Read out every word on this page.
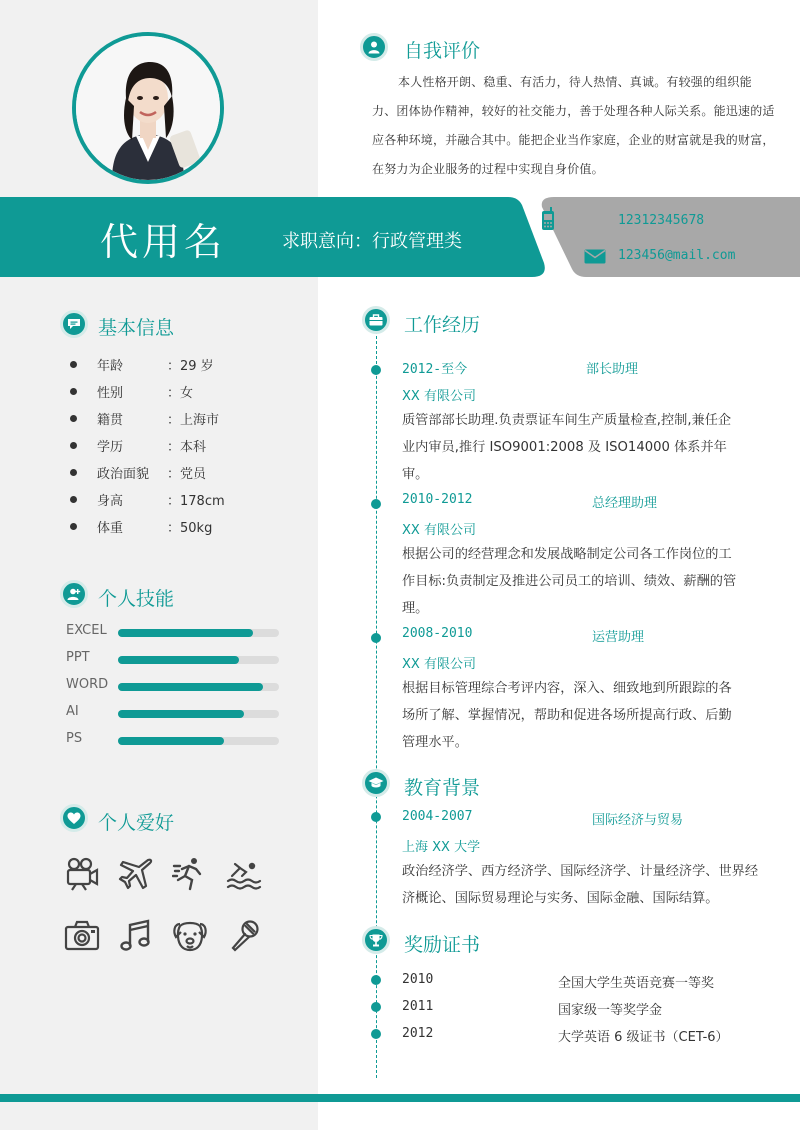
自我评价
本人性格开朗、稳重、有活力，待人热情、真诚。有较强的组织能力、团体协作精神，较好的社交能力，善于处理各种人际关系。能迅速的适应各种环境，并融合其中。能把企业当作家庭，企业的财富就是我的财富，在努力为企业服务的过程中实现自身价值。
代用名	求职意向：行政管理类
12312345678
123456@mail.com
基本信息
年龄	：29 岁
性别	：女
籍贯	：上海市
学历	：本科
政治面貌	：党员
身高	：178cm
体重	：50kg
个人技能
EXCEL
PPT
WORD
AI
PS
个人爱好
工作经历
2012-至今	部长助理
XX 有限公司
质管部部长助理.负责票证车间生产质量检查,控制,兼任企业内审员,推行 ISO9001:2008 及 ISO14000 体系并年审。
2010-2012	总经理助理
XX 有限公司
根据公司的经营理念和发展战略制定公司各工作岗位的工作目标:负责制定及推进公司员工的培训、绩效、薪酬的管理。
2008-2010	运营助理
XX 有限公司
根据目标管理综合考评内容，深入、细致地到所跟踪的各场所了解、掌握情况，帮助和促进各场所提高行政、后勤管理水平。
教育背景
2004-2007	国际经济与贸易
上海 XX 大学
政治经济学、西方经济学、国际经济学、计量经济学、世界经济概论、国际贸易理论与实务、国际金融、国际结算。
奖励证书
2010	全国大学生英语竞赛一等奖
2011	国家级一等奖学金
2012	大学英语 6 级证书（CET-6）
